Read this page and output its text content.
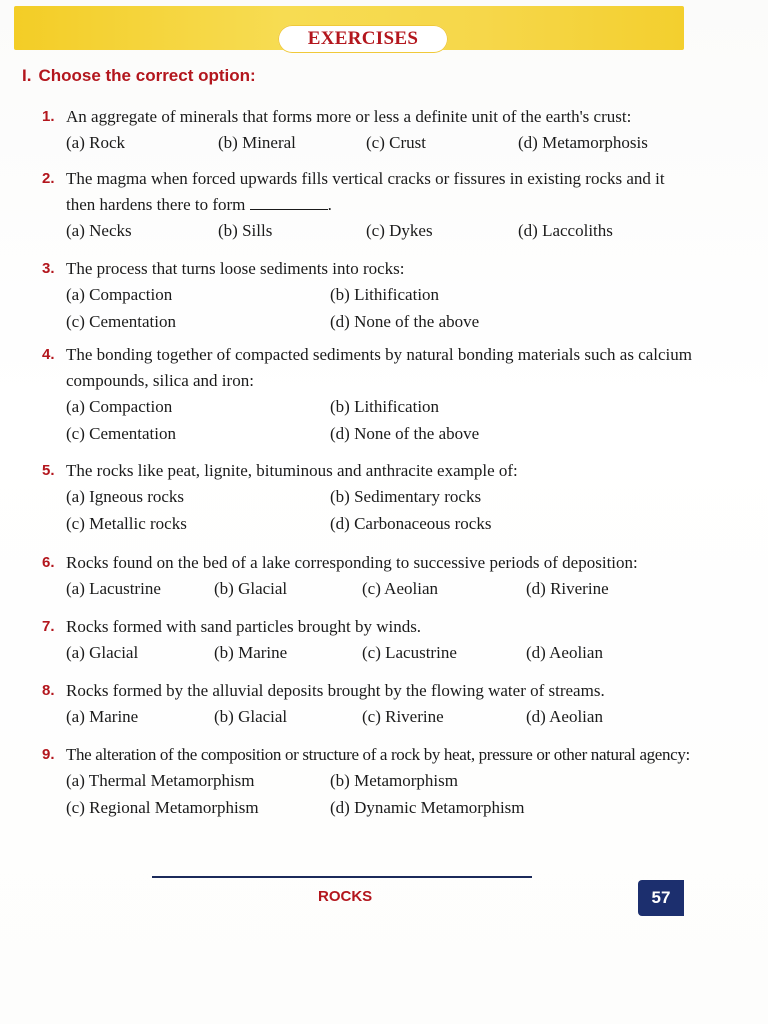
EXERCISES
I. Choose the correct option:
1. An aggregate of minerals that forms more or less a definite unit of the earth's crust:
(a) Rock	(b) Mineral	(c) Crust	(d) Metamorphosis
2. The magma when forced upwards fills vertical cracks or fissures in existing rocks and it then hardens there to form	.
(a) Necks	(b) Sills	(c) Dykes	(d) Laccoliths
3. The process that turns loose sediments into rocks:
(a) Compaction	(b) Lithification
(c) Cementation	(d) None of the above
4. The bonding together of compacted sediments by natural bonding materials such as calcium compounds, silica and iron:
(a) Compaction	(b) Lithification
(c) Cementation	(d) None of the above
5. The rocks like peat, lignite, bituminous and anthracite example of:
(a) Igneous rocks	(b) Sedimentary rocks
(c) Metallic rocks	(d) Carbonaceous rocks
6. Rocks found on the bed of a lake corresponding to successive periods of deposition:
(a) Lacustrine	(b) Glacial	(c) Aeolian	(d) Riverine
7. Rocks formed with sand particles brought by winds.
(a) Glacial	(b) Marine	(c) Lacustrine	(d) Aeolian
8. Rocks formed by the alluvial deposits brought by the flowing water of streams.
(a) Marine	(b) Glacial	(c) Riverine	(d) Aeolian
9. The alteration of the composition or structure of a rock by heat, pressure or other natural agency:
(a) Thermal Metamorphism	(b) Metamorphism
(c) Regional Metamorphism	(d) Dynamic Metamorphism
ROCKS	57
